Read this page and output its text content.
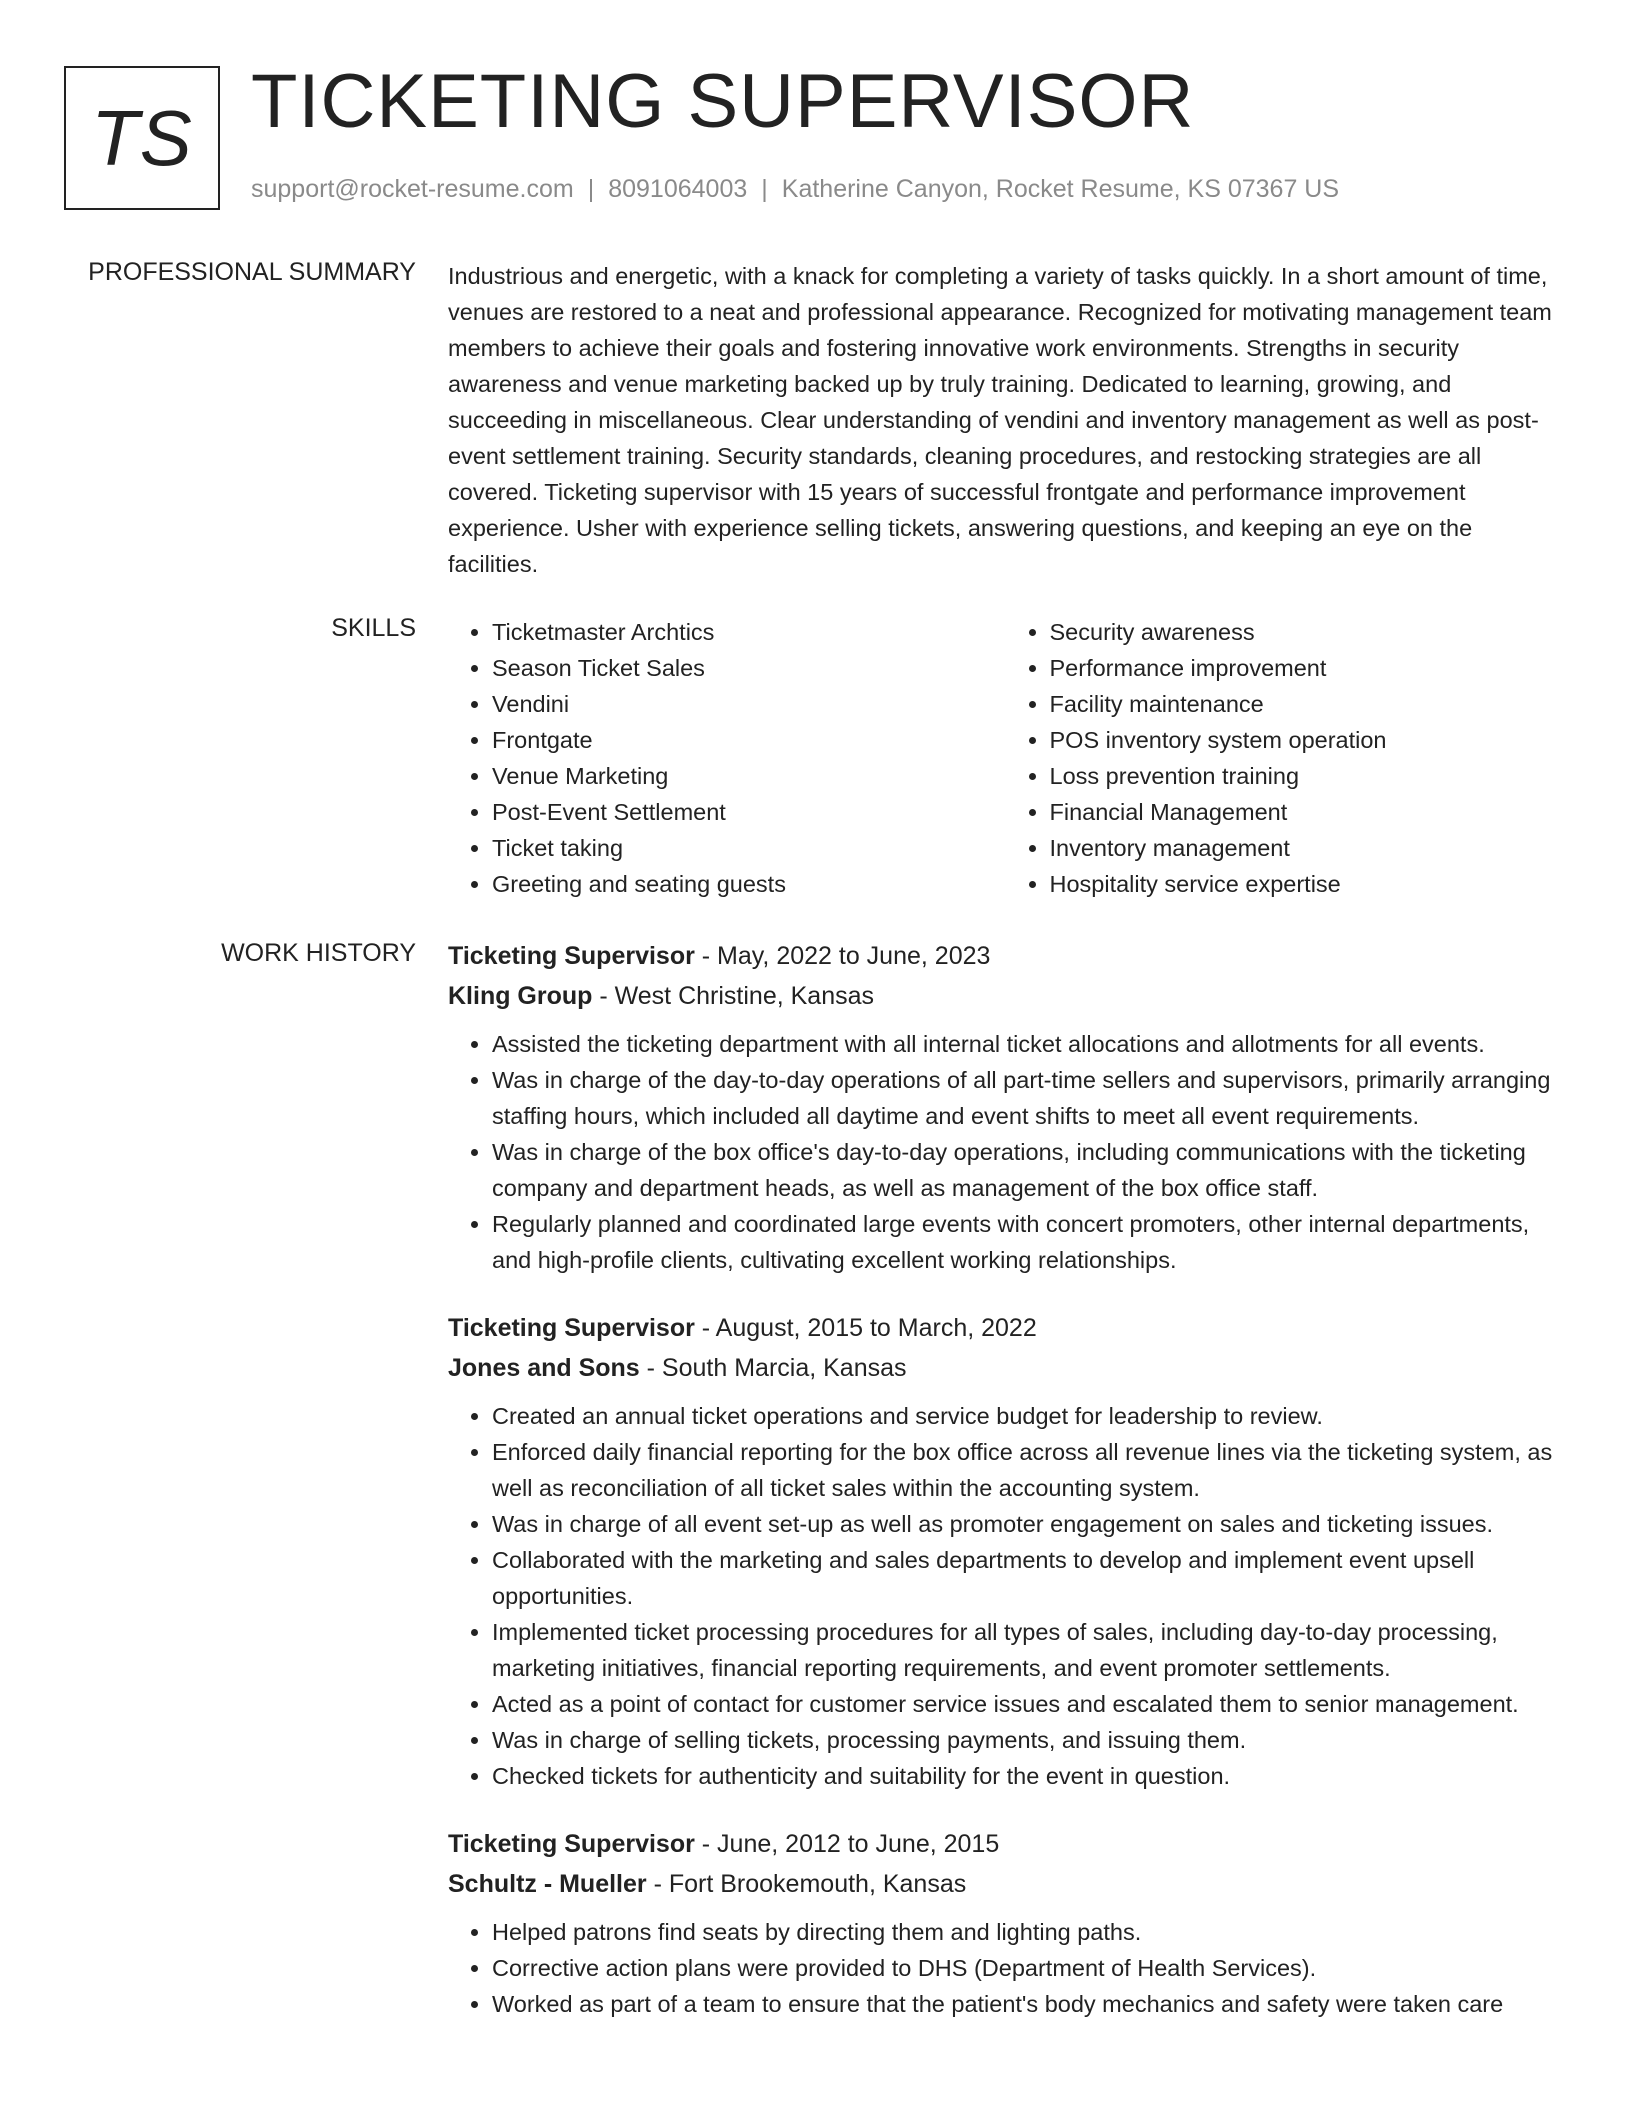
TS TICKETING SUPERVISOR
support@rocket-resume.com | 8091064003 | Katherine Canyon, Rocket Resume, KS 07367 US
PROFESSIONAL SUMMARY Industrious and energetic, with a knack for completing a variety of tasks quickly. In a short amount of time, venues are restored to a neat and professional appearance. Recognized for motivating management team members to achieve their goals and fostering innovative work environments. Strengths in security awareness and venue marketing backed up by truly training. Dedicated to learning, growing, and succeeding in miscellaneous. Clear understanding of vendini and inventory management as well as post-event settlement training. Security standards, cleaning procedures, and restocking strategies are all covered. Ticketing supervisor with 15 years of successful frontgate and performance improvement experience. Usher with experience selling tickets, answering questions, and keeping an eye on the facilities.

SKILLS
•	Ticketmaster Archtics
• Season Ticket Sales
• Vendini
• Frontgate
• Venue Marketing
• Post-Event Settlement
• Ticket taking
• Greeting and seating guests
• Security awareness
• Performance improvement
• Facility maintenance
• POS inventory system operation
• Loss prevention training
• Financial Management
• Inventory management
• Hospitality service expertise
WORK HISTORY Ticketing Supervisor - May, 2022 to June, 2023
Kling Group - West Christine, Kansas
• Assisted the ticketing department with all internal ticket allocations and allotments for all events.
• Was in charge of the day-to-day operations of all part-time sellers and supervisors, primarily arranging staffing hours, which included all daytime and event shifts to meet all event requirements.
• Was in charge of the box office's day-to-day operations, including communications with the ticketing company and department heads, as well as management of the box office staff.
• Regularly planned and coordinated large events with concert promoters, other internal departments, and high-profile clients, cultivating excellent working relationships.
Ticketing Supervisor - August, 2015 to March, 2022
Jones and Sons - South Marcia, Kansas
• Created an annual ticket operations and service budget for leadership to review.
• Enforced daily financial reporting for the box office across all revenue lines via the ticketing system, as well as reconciliation of all ticket sales within the accounting system.
• Was in charge of all event set-up as well as promoter engagement on sales and ticketing issues.
• Collaborated with the marketing and sales departments to develop and implement event upsell opportunities.
• Implemented ticket processing procedures for all types of sales, including day-to-day processing, marketing initiatives, financial reporting requirements, and event promoter settlements.
• Acted as a point of contact for customer service issues and escalated them to senior management.
• Was in charge of selling tickets, processing payments, and issuing them.
• Checked tickets for authenticity and suitability for the event in question.
Ticketing Supervisor - June, 2012 to June, 2015
Schultz - Mueller - Fort Brookemouth, Kansas
• Helped patrons find seats by directing them and lighting paths.
• Corrective action plans were provided to DHS (Department of Health Services).
• Worked as part of a team to ensure that the patient's body mechanics and safety were taken care
